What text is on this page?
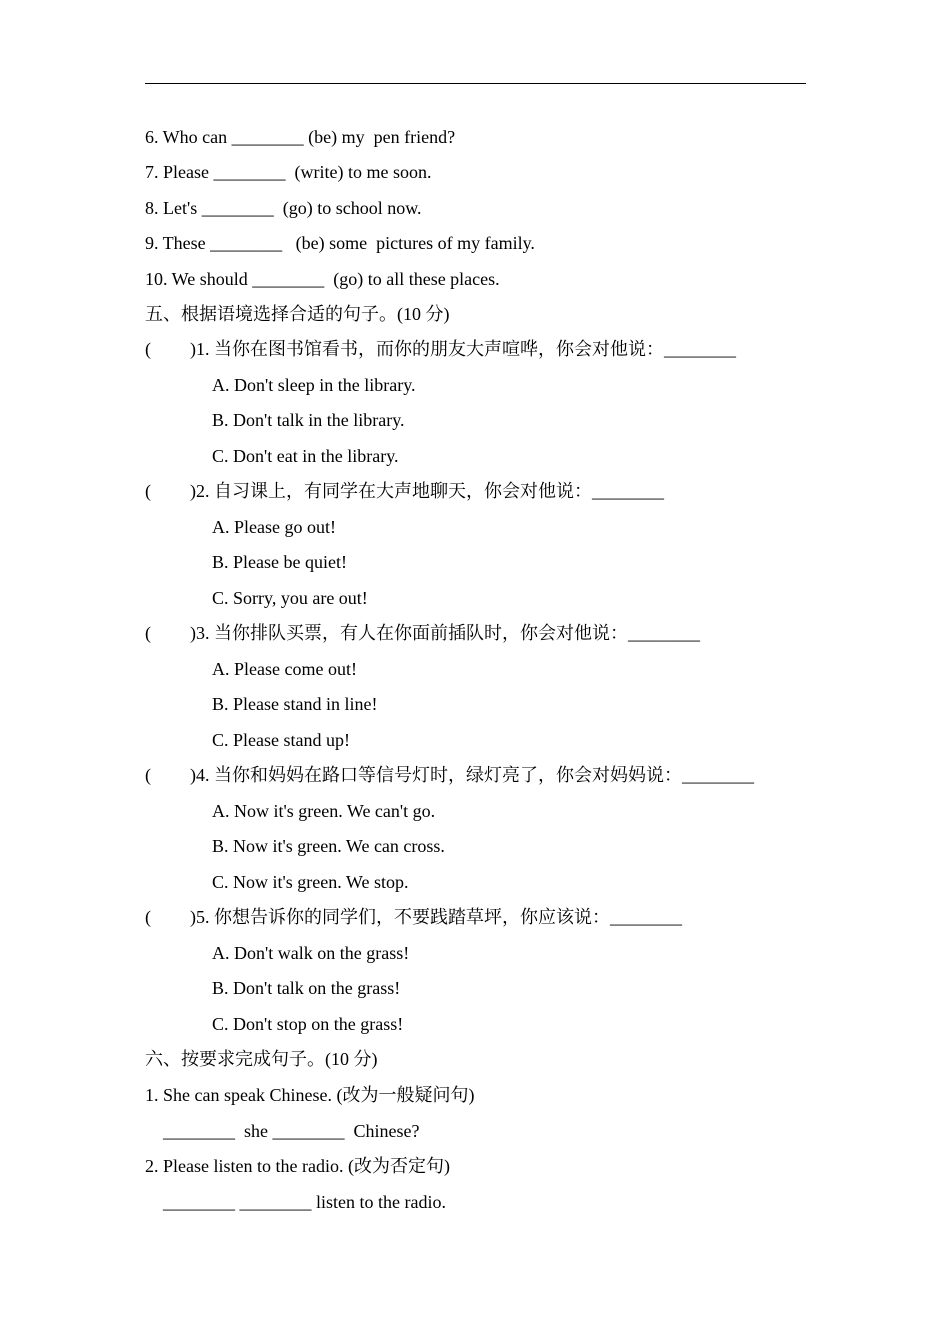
6. Who can ________ (be) my  pen friend?

7. Please ________  (write) to me soon.

8. Let's ________  (go) to school now.

9. These ________   (be) some  pictures of my family.

10. We should ________  (go) to all these places.

五、根据语境选择合适的句子。(10 分)

( )1. 当你在图书馆看书，而你的朋友大声喧哗，你会对他说：________

A. Don't sleep in the library.

B. Don't talk in the library.

C. Don't eat in the library.

( )2. 自习课上，有同学在大声地聊天，你会对他说：________

A. Please go out!

B. Please be quiet!

C. Sorry, you are out!

( )3. 当你排队买票，有人在你面前插队时，你会对他说：________

A. Please come out!

B. Please stand in line!

C. Please stand up!

( )4. 当你和妈妈在路口等信号灯时，绿灯亮了，你会对妈妈说：________

A. Now it's green. We can't go.

B. Now it's green. We can cross.

C. Now it's green. We stop.

( )5. 你想告诉你的同学们，不要践踏草坪，你应该说：________

A. Don't walk on the grass!

B. Don't talk on the grass!

C. Don't stop on the grass!

六、按要求完成句子。(10 分)

1. She can speak Chinese. (改为一般疑问句)

________  she ________  Chinese?

2. Please listen to the radio. (改为否定句)

________ ________ listen to the radio.
